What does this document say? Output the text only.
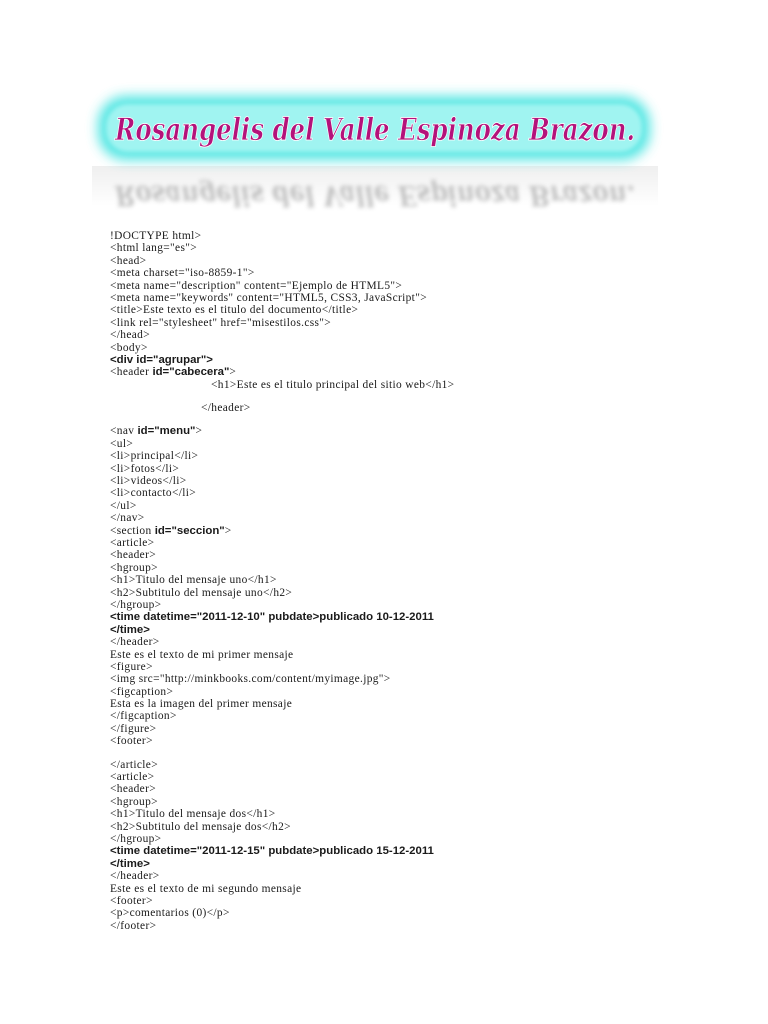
Rosangelis del Valle Espinoza Brazon.
Rosangelis del Valle Espinoza Brazon.
!DOCTYPE html>
<html lang="es">
<head>
<meta charset="iso-8859-1">
<meta name="description" content="Ejemplo de HTML5">
<meta name="keywords" content="HTML5, CSS3, JavaScript">
<title>Este texto es el titulo del documento</title>
<link rel="stylesheet" href="misestilos.css">
</head>
<body>
<div id="agrupar">
<header id="cabecera">
<h1>Este es el titulo principal del sitio web</h1>
</header>
<nav id="menu">
<ul>
<li>principal</li>
<li>fotos</li>
<li>videos</li>
<li>contacto</li>
</ul>
</nav>
<section id="seccion">
<article>
<header>
<hgroup>
<h1>Titulo del mensaje uno</h1>
<h2>Subtitulo del mensaje uno</h2>
</hgroup>
<time datetime="2011-12-10" pubdate>publicado 10-12-2011
</time>
</header>
Este es el texto de mi primer mensaje
<figure>
<img src="http://minkbooks.com/content/myimage.jpg">
<figcaption>
Esta es la imagen del primer mensaje
</figcaption>
</figure>
<footer>
</article>
<article>
<header>
<hgroup>
<h1>Titulo del mensaje dos</h1>
<h2>Subtitulo del mensaje dos</h2>
</hgroup>
<time datetime="2011-12-15" pubdate>publicado 15-12-2011
</time>
</header>
Este es el texto de mi segundo mensaje
<footer>
<p>comentarios (0)</p>
</footer>
